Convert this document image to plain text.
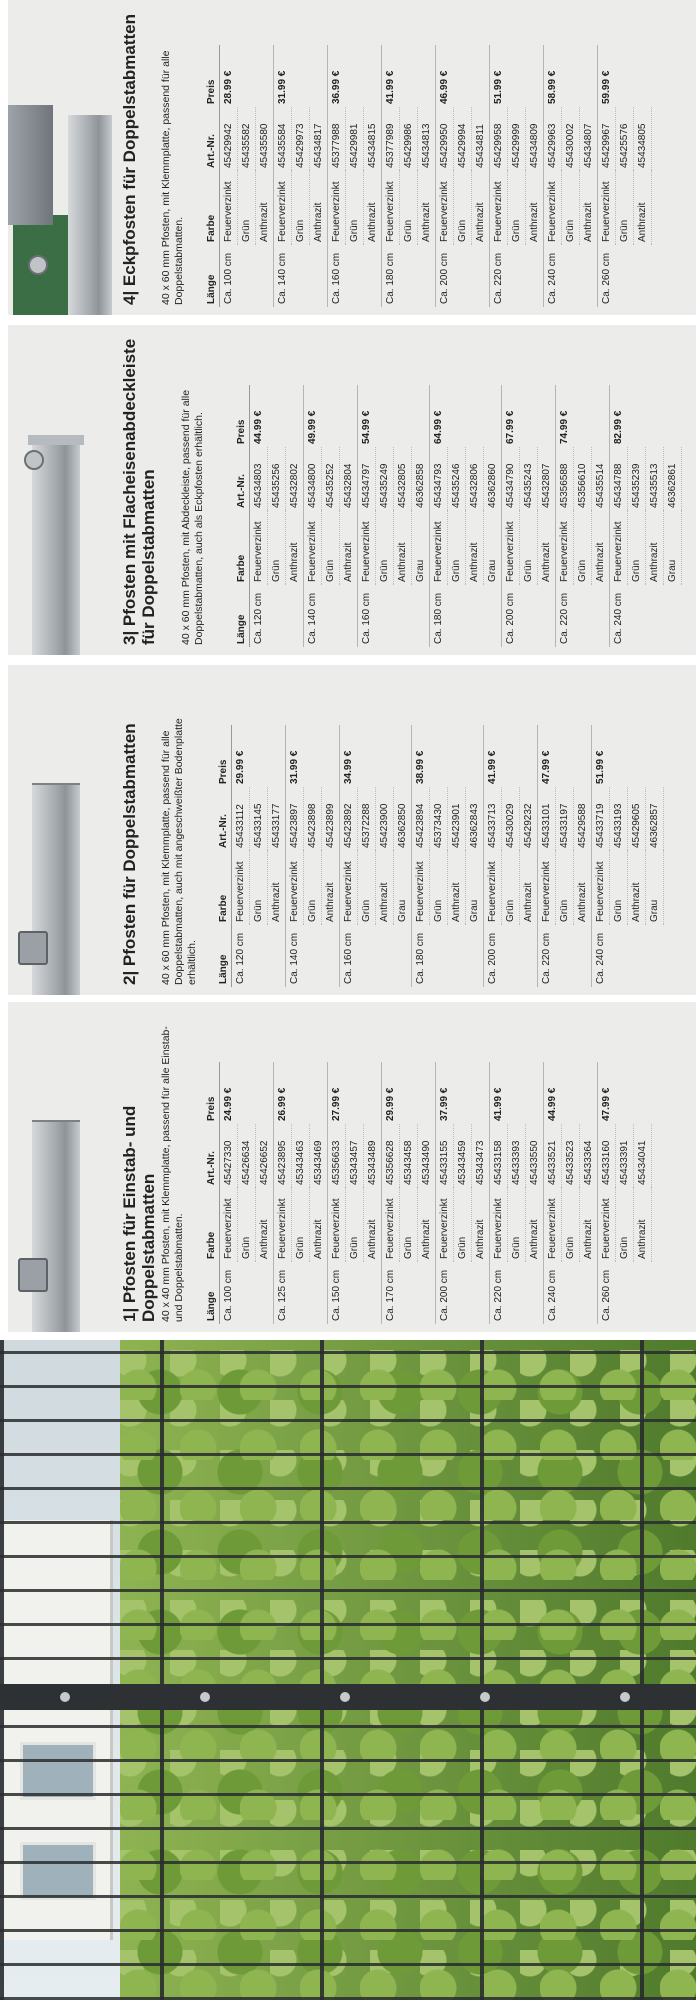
1| Pfosten für Einstab- und Doppelstabmatten 40 x 40 mm Pfosten, mit Klemmplatte, passend für alle Einstab- und Doppelstabmatten. Länge	Farbe	Art.-Nr.	Preis
Ca. 100 cm	Feuerverzinkt	45427330	24.99 €
	Grün	45426634	
	Anthrazit	45426652	
Ca. 125 cm	Feuerverzinkt	45423895	26.99 €
	Grün	45343463	
	Anthrazit	45343469	
Ca. 150 cm	Feuerverzinkt	45356633	27.99 €
	Grün	45343457	
	Anthrazit	45343489	
Ca. 170 cm	Feuerverzinkt	45356628	29.99 €
	Grün	45343458	
	Anthrazit	45343490	
Ca. 200 cm	Feuerverzinkt	45433155	37.99 €
	Grün	45343459	
	Anthrazit	45343473	
Ca. 220 cm	Feuerverzinkt	45433158	41.99 €
	Grün	45433393	
	Anthrazit	45433550	
Ca. 240 cm	Feuerverzinkt	45433521	44.99 €
	Grün	45433523	
	Anthrazit	45433364	
Ca. 260 cm	Feuerverzinkt	45433160	47.99 €
	Grün	45433391	
	Anthrazit	45434041	
2| Pfosten für Doppelstabmatten 40 x 60 mm Pfosten, mit Klemmplatte, passend für alle Doppelstabmatten, auch mit angeschweißter Bodenplatte erhältlich. Länge	Farbe	Art.-Nr.	Preis
Ca. 120 cm	Feuerverzinkt	45433112	29.99 €
	Grün	45433145	
	Anthrazit	45433177	
Ca. 140 cm	Feuerverzinkt	45423897	31.99 €
	Grün	45423898	
	Anthrazit	45423899	
Ca. 160 cm	Feuerverzinkt	45423892	34.99 €
	Grün	45372288	
	Anthrazit	45423900	
	Grau	46362850	
Ca. 180 cm	Feuerverzinkt	45423894	38.99 €
	Grün	45373430	
	Anthrazit	45423901	
	Grau	46362843	
Ca. 200 cm	Feuerverzinkt	45433713	41.99 €
	Grün	45430029	
	Anthrazit	45429232	
Ca. 220 cm	Feuerverzinkt	45433101	47.99 €
	Grün	45433197	
	Anthrazit	45429588	
Ca. 240 cm	Feuerverzinkt	45433719	51.99 €
	Grün	45433193	
	Anthrazit	45429605	
	Grau	46362857	
3| Pfosten mit Flacheisenabdeckleiste für Doppelstabmatten 40 x 60 mm Pfosten, mit Abdeckleiste, passend für alle Doppelstabmatten, auch als Eckpfosten erhältlich.	Länge	Farbe	Art.-Nr.	Preis
Ca. 120 cm	Feuerverzinkt	45434803	44.99 €
	Grün	45435256	
	Anthrazit	45432802	
Ca. 140 cm	Feuerverzinkt	45434800	49.99 €
	Grün	45435252	
	Anthrazit	45432804	
Ca. 160 cm	Feuerverzinkt	45434797	54.99 €
	Grün	45435249	
	Anthrazit	45432805	
	Grau	46362858	
Ca. 180 cm	Feuerverzinkt	45434793	64.99 €
	Grün	45435246	
	Anthrazit	45432806	
	Grau	46362860	
Ca. 200 cm	Feuerverzinkt	45434790	67.99 €
	Grün	45435243	
	Anthrazit	45432807	
Ca. 220 cm	Feuerverzinkt	45356588	74.99 €
	Grün	45356610	
	Anthrazit	45435514	
Ca. 240 cm	Feuerverzinkt	45434788	82.99 €
	Grün	45435239	
	Anthrazit	45435513	
	Grau	46362861	
4| Eckpfosten für Doppelstabmatten 40 x 60 mm Pfosten, mit Klemmplatte, passend für alle Doppelstabmatten. Länge	Farbe	Art.-Nr.	Preis
Ca. 100 cm	Feuerverzinkt	45429942	28.99 €
	Grün	45435582	
	Anthrazit	45435580	
Ca. 140 cm	Feuerverzinkt	45435584	31.99 €
	Grün	45429973	
	Anthrazit	45434817	
Ca. 160 cm	Feuerverzinkt	45377988	36.99 €
	Grün	45429981	
	Anthrazit	45434815	
Ca. 180 cm	Feuerverzinkt	45377989	41.99 €
	Grün	45429986	
	Anthrazit	45434813	
Ca. 200 cm	Feuerverzinkt	45429950	46.99 €
	Grün	45429994	
	Anthrazit	45434811	
Ca. 220 cm	Feuerverzinkt	45429958	51.99 €
	Grün	45429999	
	Anthrazit	45434809	
Ca. 240 cm	Feuerverzinkt	45429963	58.99 €
	Grün	45430002	
	Anthrazit	45434807	
Ca. 260 cm	Feuerverzinkt	45429967	59.99 €
	Grün	45425576	
	Anthrazit	45434805	
